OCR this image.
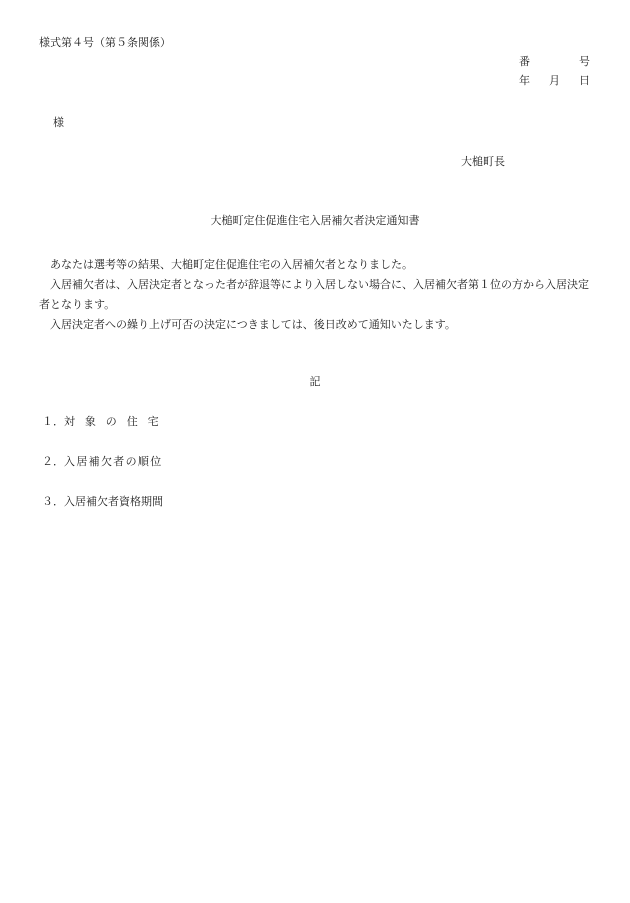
様式第４号（第５条関係）
番	号
年 月 日
様
大槌町長
大槌町定住促進住宅入居補欠者決定通知書

あなたは選考等の結果、大槌町定住促進住宅の入居補欠者となりました。

入居補欠者は、入居決定者となった者が辞退等により入居しない場合に、入居補欠者第１位の方から入居決定者となります。

入居決定者への繰り上げ可否の決定につきましては、後日改めて通知いたします。

記
１．対象の住宅
２．入居補欠者の順位
３．入居補欠者資格期間
